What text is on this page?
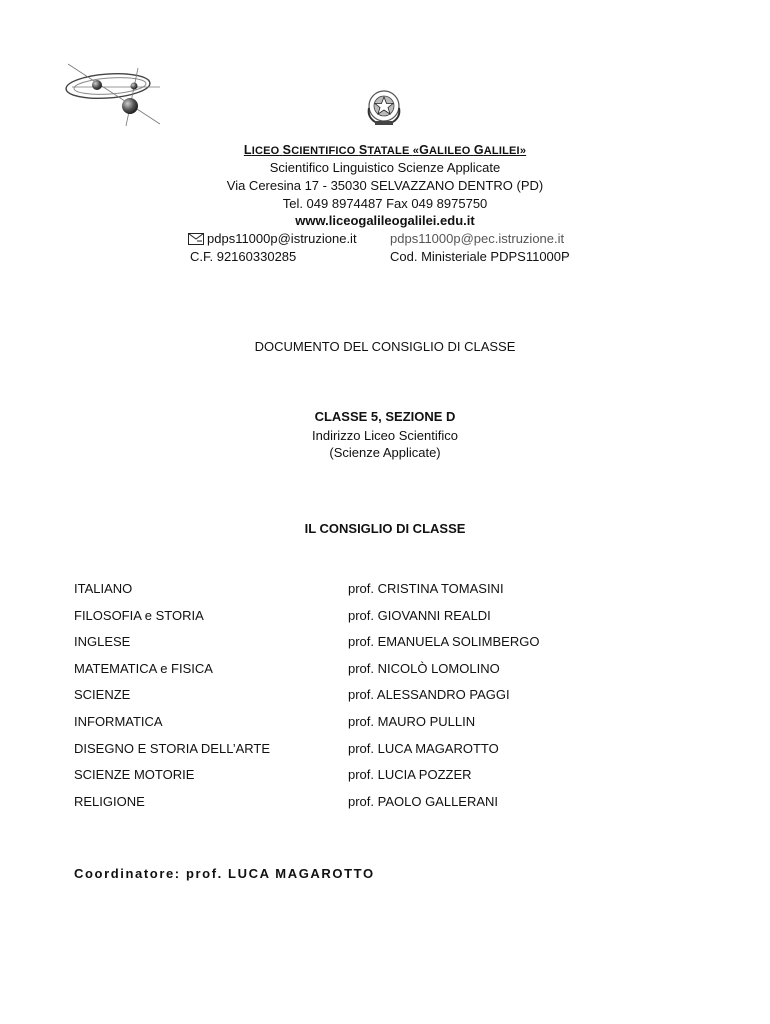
LICEO SCIENTIFICO STATALE «GALILEO GALILEI»
Scientifico Linguistico Scienze Applicate
Via Ceresina 17 - 35030 SELVAZZANO DENTRO (PD)
Tel. 049 8974487 Fax 049 8975750
www.liceogalileogalilei.edu.it
pdps11000p@istruzione.it	pdps11000p@pec.istruzione.it
C.F. 92160330285	Cod. Ministeriale PDPS11000P
DOCUMENTO DEL CONSIGLIO DI CLASSE
CLASSE 5, SEZIONE D
Indirizzo Liceo Scientifico
(Scienze Applicate)
IL CONSIGLIO DI CLASSE
ITALIANO	prof. CRISTINA TOMASINI
FILOSOFIA e STORIA	prof. GIOVANNI REALDI
INGLESE	prof. EMANUELA SOLIMBERGO
MATEMATICA e FISICA	prof. NICOLÒ LOMOLINO
SCIENZE	prof. ALESSANDRO PAGGI
INFORMATICA	prof. MAURO PULLIN
DISEGNO E STORIA DELL’ARTE	prof. LUCA MAGAROTTO
SCIENZE MOTORIE	prof. LUCIA POZZER
RELIGIONE	prof. PAOLO GALLERANI
Coordinatore: prof. LUCA MAGAROTTO
